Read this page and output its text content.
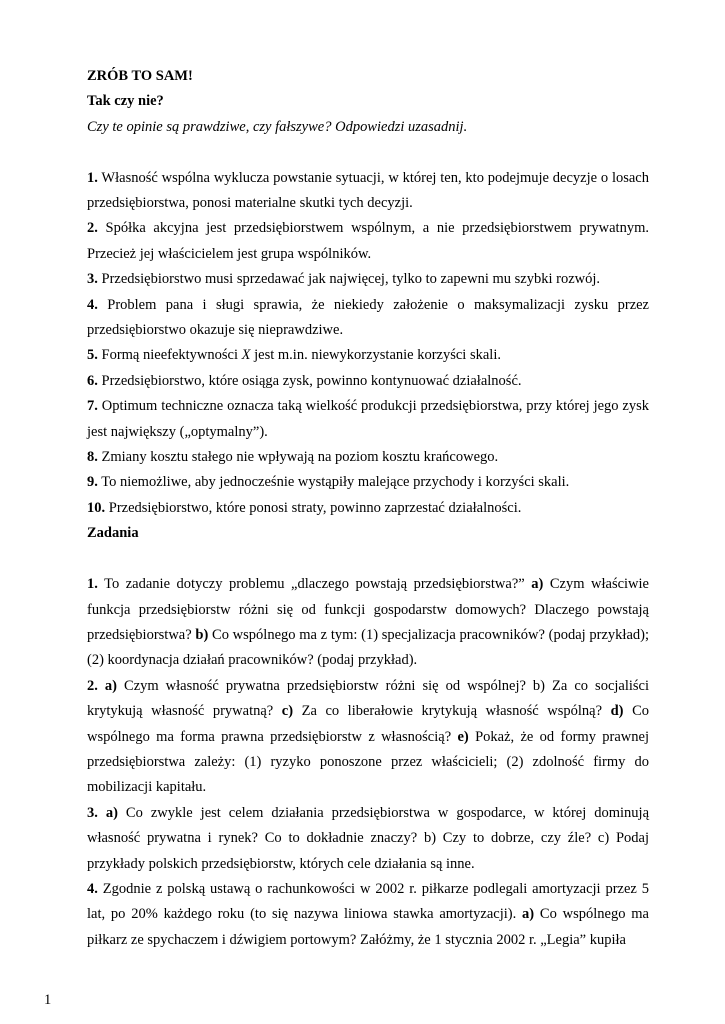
ZRÓB TO SAM!
Tak czy nie?
Czy te opinie są prawdziwe, czy fałszywe? Odpowiedzi uzasadnij.
1. Własność wspólna wyklucza powstanie sytuacji, w której ten, kto podejmuje decyzje o losach przedsiębiorstwa, ponosi materialne skutki tych decyzji.
2. Spółka akcyjna jest przedsiębiorstwem wspólnym, a nie przedsiębiorstwem prywatnym. Przecież jej właścicielem jest grupa wspólników.
3. Przedsiębiorstwo musi sprzedawać jak najwięcej, tylko to zapewni mu szybki rozwój.
4. Problem pana i sługi sprawia, że niekiedy założenie o maksymalizacji zysku przez przedsiębiorstwo okazuje się nieprawdziwe.
5. Formą nieefektywności X jest m.in. niewykorzystanie korzyści skali.
6. Przedsiębiorstwo, które osiąga zysk, powinno kontynuować działalność.
7. Optimum techniczne oznacza taką wielkość produkcji przedsiębiorstwa, przy której jego zysk jest największy („optymalny”).
8. Zmiany kosztu stałego nie wpływają na poziom kosztu krańcowego.
9. To niemożliwe, aby jednocześnie wystąpiły malejące przychody i korzyści skali.
10. Przedsiębiorstwo, które ponosi straty, powinno zaprzestać działalności.
Zadania

1. To zadanie dotyczy problemu „dlaczego powstają przedsiębiorstwa?” a) Czym właściwie funkcja przedsiębiorstw różni się od funkcji gospodarstw domowych? Dlaczego powstają przedsiębiorstwa? b) Co wspólnego ma z tym: (1) specjalizacja pracowników? (podaj przykład); (2) koordynacja działań pracowników? (podaj przykład).

2. a) Czym własność prywatna przedsiębiorstw różni się od wspólnej? b) Za co socjaliści krytykują własność prywatną? c) Za co liberałowie krytykują własność wspólną? d) Co wspólnego ma forma prawna przedsiębiorstw z własnością? e) Pokaż, że od formy prawnej przedsiębiorstwa zależy: (1) ryzyko ponoszone przez właścicieli; (2) zdolność firmy do mobilizacji kapitału.

3. a) Co zwykle jest celem działania przedsiębiorstwa w gospodarce, w której dominują własność prywatna i rynek? Co to dokładnie znaczy? b) Czy to dobrze, czy źle? c) Podaj przykłady polskich przedsiębiorstw, których cele działania są inne.

4. Zgodnie z polską ustawą o rachunkowości w 2002 r. piłkarze podlegali amortyzacji przez 5 lat, po 20% każdego roku (to się nazywa liniowa stawka amortyzacji). a) Co wspólnego ma piłkarz ze spychaczem i dźwigiem portowym? Załóżmy, że 1 stycznia 2002 r. „Legia” kupiła

1
